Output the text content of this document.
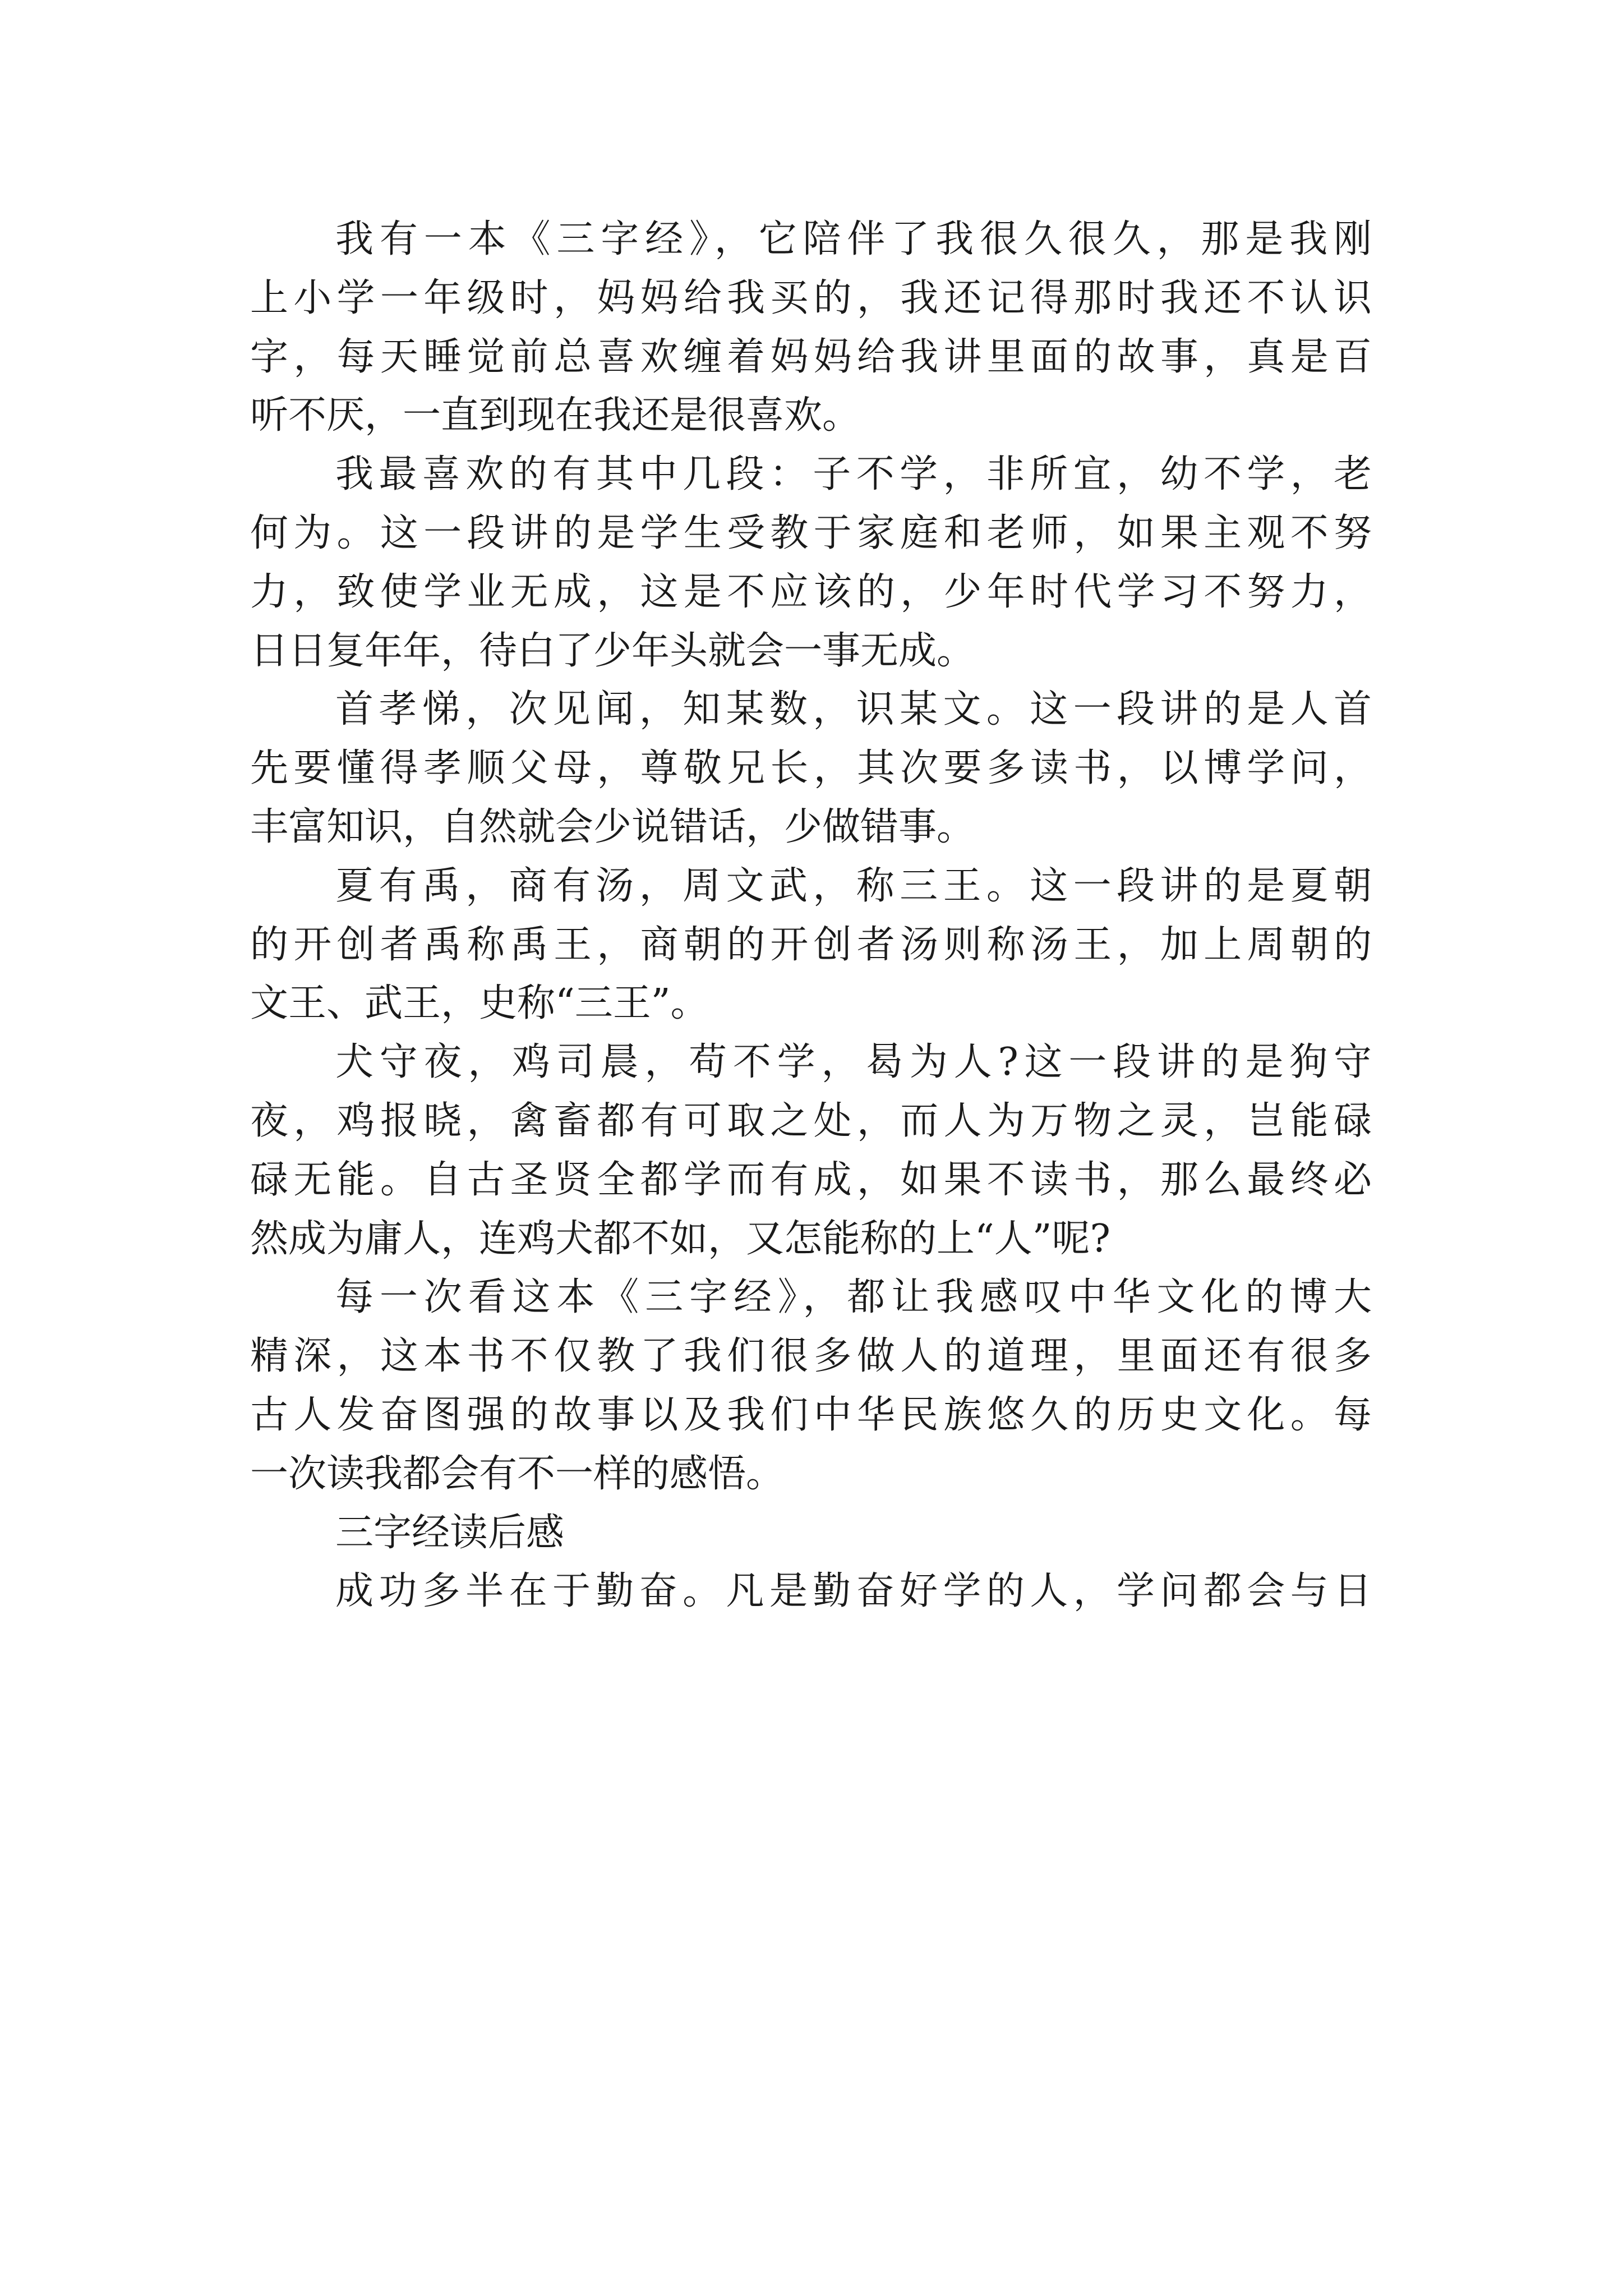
我有一本《三字经》，它陪伴了我很久很久，那是我刚
上小学一年级时，妈妈给我买的，我还记得那时我还不认识
字，每天睡觉前总喜欢缠着妈妈给我讲里面的故事，真是百
听不厌，一直到现在我还是很喜欢。
我最喜欢的有其中几段：子不学，非所宜，幼不学，老
何为。这一段讲的是学生受教于家庭和老师，如果主观不努
力，致使学业无成，这是不应该的，少年时代学习不努力，
日日复年年，待白了少年头就会一事无成。
首孝悌，次见闻，知某数，识某文。这一段讲的是人首
先要懂得孝顺父母，尊敬兄长，其次要多读书，以博学问，
丰富知识，自然就会少说错话，少做错事。
夏有禹，商有汤，周文武，称三王。这一段讲的是夏朝
的开创者禹称禹王，商朝的开创者汤则称汤王，加上周朝的
文王、武王，史称“三王”。
犬守夜，鸡司晨，苟不学，曷为人?这一段讲的是狗守
夜，鸡报晓，禽畜都有可取之处，而人为万物之灵，岂能碌
碌无能。自古圣贤全都学而有成，如果不读书，那么最终必
然成为庸人，连鸡犬都不如，又怎能称的上“人”呢?
每一次看这本《三字经》，都让我感叹中华文化的博大
精深，这本书不仅教了我们很多做人的道理，里面还有很多
古人发奋图强的故事以及我们中华民族悠久的历史文化。每
一次读我都会有不一样的感悟。
三字经读后感
成功多半在于勤奋。凡是勤奋好学的人，学问都会与日
